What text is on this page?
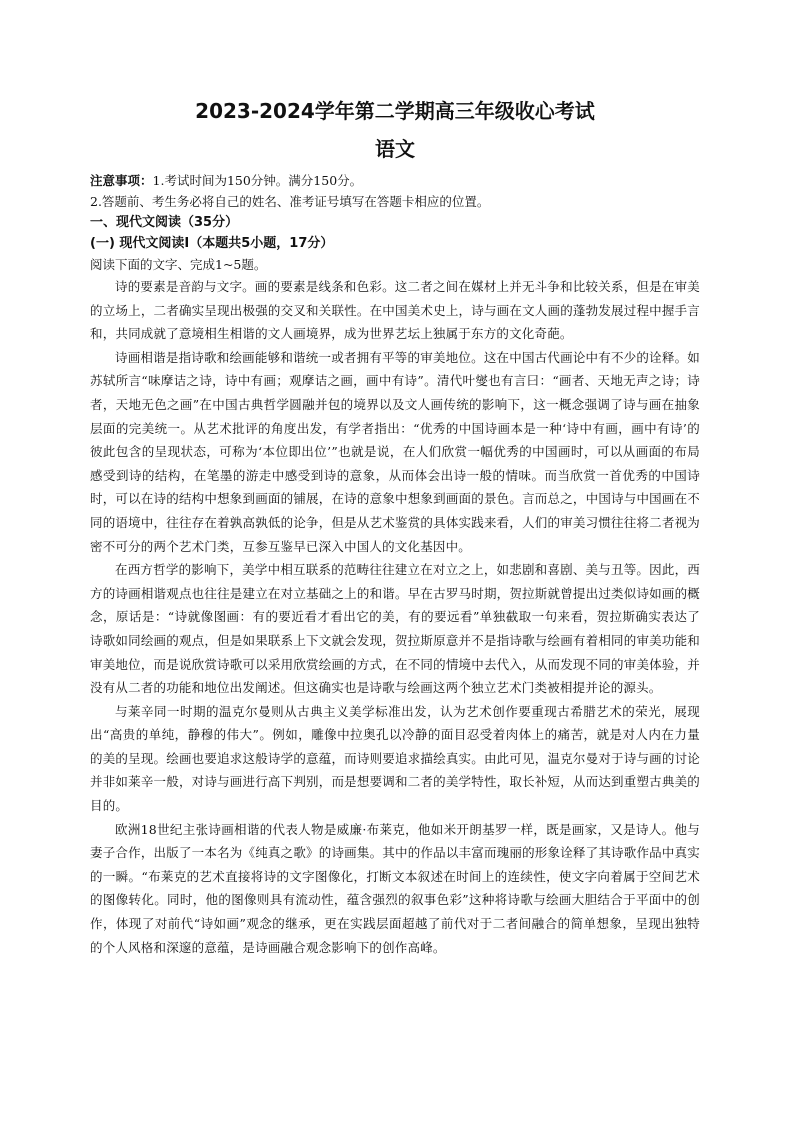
2023-2024学年第二学期高三年级收心考试
语文

注意事项：1.考试时间为150分钟。满分150分。

2.答题前、考生务必将自己的姓名、准考证号填写在答题卡相应的位置。

一、现代文阅读（35分）

(一) 现代文阅读Ⅰ（本题共5小题，17分）

阅读下面的文字、完成1~5题。

诗的要素是音韵与文字。画的要素是线条和色彩。这二者之间在媒材上并无斗争和比较关系，但是在审美的立场上，二者确实呈现出极强的交叉和关联性。在中国美术史上，诗与画在文人画的蓬勃发展过程中握手言和，共同成就了意境相生相谐的文人画境界，成为世界艺坛上独属于东方的文化奇葩。

诗画相谐是指诗歌和绘画能够和谐统一或者拥有平等的审美地位。这在中国古代画论中有不少的诠释。如苏轼所言“味摩诘之诗，诗中有画；观摩诘之画，画中有诗”。清代叶燮也有言曰：“画者、天地无声之诗；诗者，天地无色之画”在中国古典哲学圆融并包的境界以及文人画传统的影响下，这一概念强调了诗与画在抽象层面的完美统一。从艺术批评的角度出发，有学者指出：“优秀的中国诗画本是一种‘诗中有画，画中有诗’的彼此包含的呈现状态，可称为‘本位即出位’”也就是说，在人们欣赏一幅优秀的中国画时，可以从画面的布局感受到诗的结构，在笔墨的游走中感受到诗的意象，从而体会出诗一般的情味。而当欣赏一首优秀的中国诗时，可以在诗的结构中想象到画面的铺展，在诗的意象中想象到画面的景色。言而总之，中国诗与中国画在不同的语境中，往往存在着孰高孰低的论争，但是从艺术鉴赏的具体实践来看，人们的审美习惯往往将二者视为密不可分的两个艺术门类，互参互鉴早已深入中国人的文化基因中。

在西方哲学的影响下，美学中相互联系的范畴往往建立在对立之上，如悲剧和喜剧、美与丑等。因此，西方的诗画相谐观点也往往是建立在对立基础之上的和谐。早在古罗马时期，贺拉斯就曾提出过类似诗如画的概念，原话是：“诗就像图画：有的要近看才看出它的美，有的要远看”单独截取一句来看，贺拉斯确实表达了诗歌如同绘画的观点，但是如果联系上下文就会发现，贺拉斯原意并不是指诗歌与绘画有着相同的审美功能和审美地位，而是说欣赏诗歌可以采用欣赏绘画的方式，在不同的情境中去代入，从而发现不同的审美体验，并没有从二者的功能和地位出发阐述。但这确实也是诗歌与绘画这两个独立艺术门类被相提并论的源头。

与莱辛同一时期的温克尔曼则从古典主义美学标准出发，认为艺术创作要重现古希腊艺术的荣光，展现出“高贵的单纯，静穆的伟大”。例如，雕像中拉奥孔以冷静的面目忍受着肉体上的痛苦，就是对人内在力量的美的呈现。绘画也要追求这般诗学的意蕴，而诗则要追求描绘真实。由此可见，温克尔曼对于诗与画的讨论并非如莱辛一般，对诗与画进行高下判别，而是想要调和二者的美学特性，取长补短，从而达到重塑古典美的目的。

欧洲18世纪主张诗画相谐的代表人物是威廉·布莱克，他如米开朗基罗一样，既是画家，又是诗人。他与妻子合作，出版了一本名为《纯真之歌》的诗画集。其中的作品以丰富而瑰丽的形象诠释了其诗歌作品中真实的一瞬。“布莱克的艺术直接将诗的文字图像化，打断文本叙述在时间上的连续性，使文字向着属于空间艺术的图像转化。同时，他的图像则具有流动性，蕴含强烈的叙事色彩”这种将诗歌与绘画大胆结合于平面中的创作，体现了对前代“诗如画”观念的继承，更在实践层面超越了前代对于二者间融合的简单想象，呈现出独特的个人风格和深邃的意蕴，是诗画融合观念影响下的创作高峰。
